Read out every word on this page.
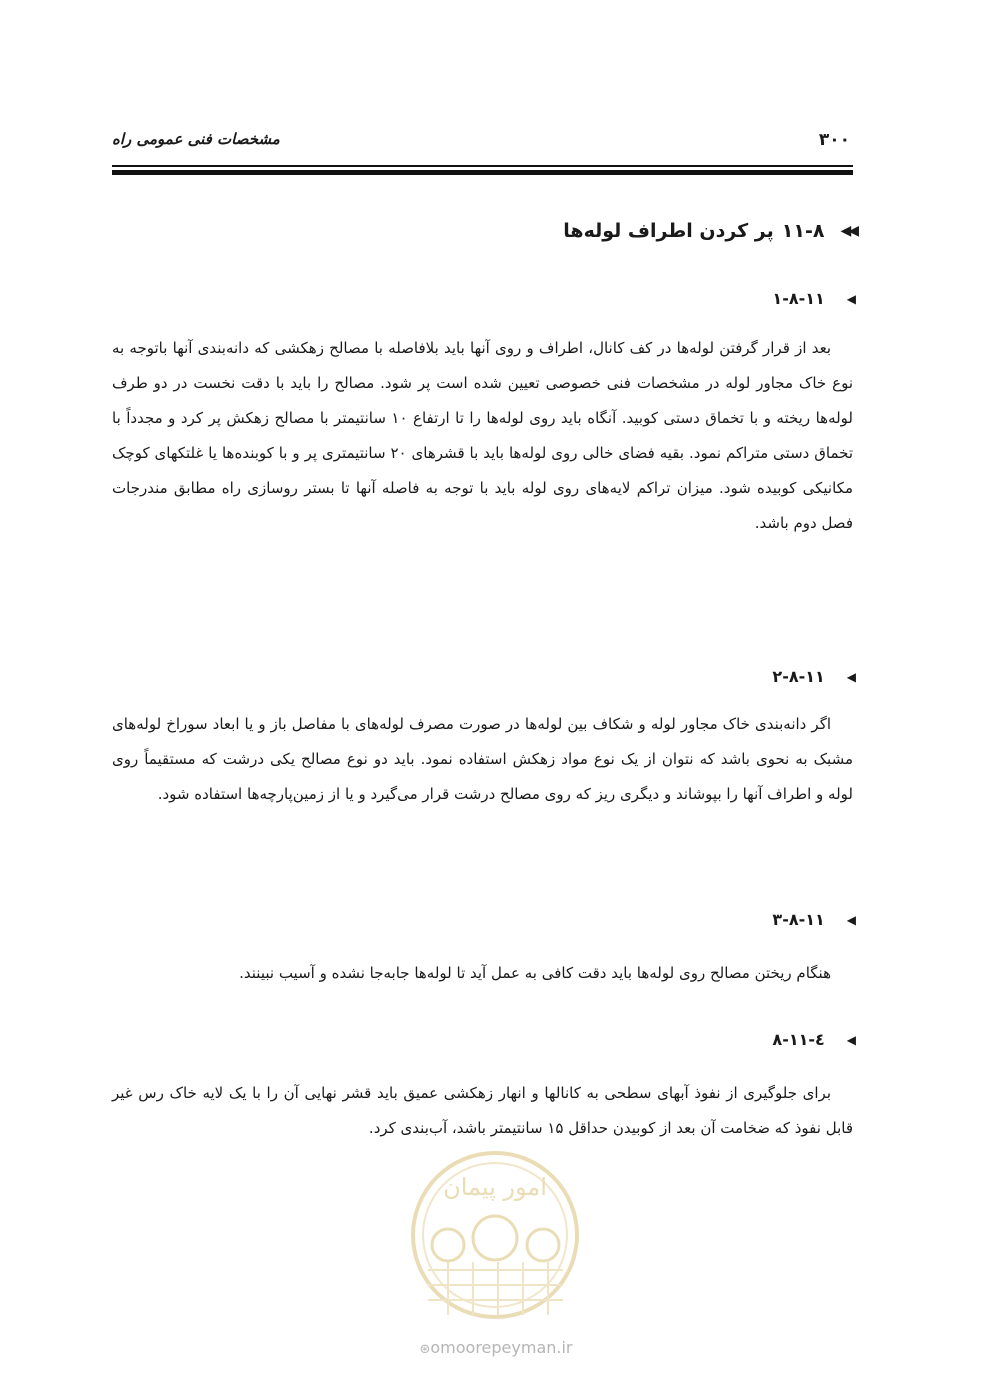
۳۰۰
مشخصات فنی عمومی راه
◀◀
۱۱-۸
پر کردن اطراف لوله‌ها
◀
۱-۸-۱۱
بعد از قرار گرفتن لوله‌ها در کف کانال، اطراف و روی آنها باید بلافاصله با مصالح زهکشی که دانه‌بندی آنها باتوجه به نوع خاک مجاور لوله در مشخصات فنی خصوصی تعیین شده است پر شود. مصالح را باید با دقت نخست در دو طرف لوله‌ها ریخته و با تخماق دستی کوبید. آنگاه باید روی لوله‌ها را تا ارتفاع ۱۰ سانتیمتر با مصالح زهکش پر کرد و مجدداً با تخماق دستی متراکم نمود. بقیه فضای خالی روی لوله‌ها باید با قشرهای ۲۰ سانتیمتری پر و با کوبنده‌ها یا غلتکهای کوچک مکانیکی کوبیده شود. میزان تراکم لایه‌های روی لوله باید با توجه به فاصله آنها تا بستر روسازی راه مطابق مندرجات فصل دوم باشد.
◀
۲-۸-۱۱
اگر دانه‌بندی خاک مجاور لوله و شکاف بین لوله‌ها در صورت مصرف لوله‌های با مفاصل باز و یا ابعاد سوراخ لوله‌های مشبک به نحوی باشد که نتوان از یک نوع مواد زهکش استفاده نمود. باید دو نوع مصالح یکی درشت که مستقیماً روی لوله و اطراف آنها را بپوشاند و دیگری ریز که روی مصالح درشت قرار می‌گیرد و یا از زمین‌پارچه‌ها استفاده شود.
◀
۳-۸-۱۱
هنگام ریختن مصالح روی لوله‌ها باید دقت کافی به عمل آید تا لوله‌ها جابه‌جا نشده و آسیب نبینند.
◀
٤-۸-۱۱
برای جلوگیری از نفوذ آبهای سطحی به کانالها و انهار زهکشی عمیق باید قشر نهایی آن را با یک لایه خاک رس غیر قابل نفوذ که ضخامت آن بعد از کوبیدن حداقل ۱۵ سانتیمتر باشد، آب‌بندی کرد.
امور پیمان
⊛omoorepeyman.ir
